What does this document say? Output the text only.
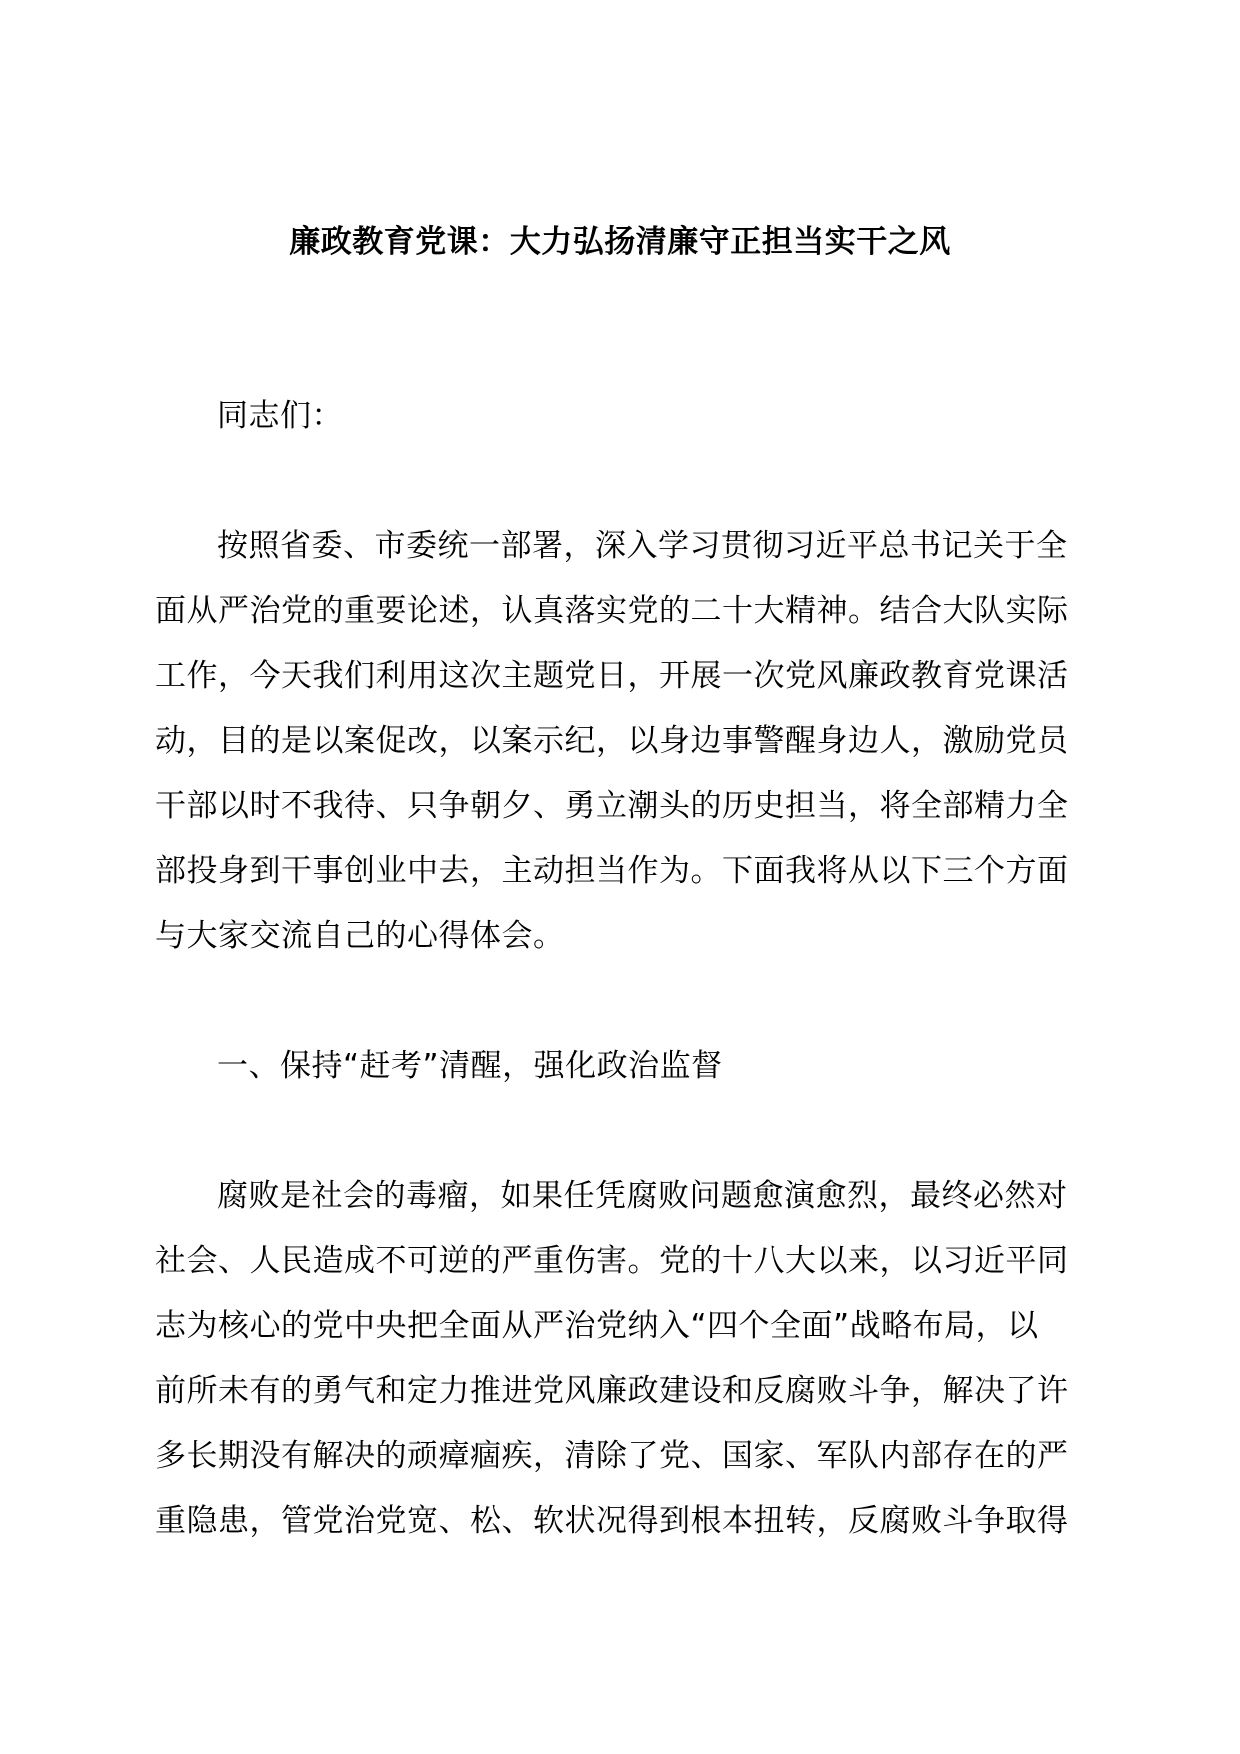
廉政教育党课：大力弘扬清廉守正担当实干之风
同志们：
按照省委、市委统一部署，深入学习贯彻习近平总书记关于全
面从严治党的重要论述，认真落实党的二十大精神。结合大队实际
工作，今天我们利用这次主题党日，开展一次党风廉政教育党课活
动，目的是以案促改，以案示纪，以身边事警醒身边人，激励党员
干部以时不我待、只争朝夕、勇立潮头的历史担当，将全部精力全
部投身到干事创业中去，主动担当作为。下面我将从以下三个方面
与大家交流自己的心得体会。
一、保持“赶考”清醒，强化政治监督
腐败是社会的毒瘤，如果任凭腐败问题愈演愈烈，最终必然对
社会、人民造成不可逆的严重伤害。党的十八大以来，以习近平同
志为核心的党中央把全面从严治党纳入“四个全面”战略布局，以
前所未有的勇气和定力推进党风廉政建设和反腐败斗争，解决了许
多长期没有解决的顽瘴痼疾，清除了党、国家、军队内部存在的严
重隐患，管党治党宽、松、软状况得到根本扭转，反腐败斗争取得
